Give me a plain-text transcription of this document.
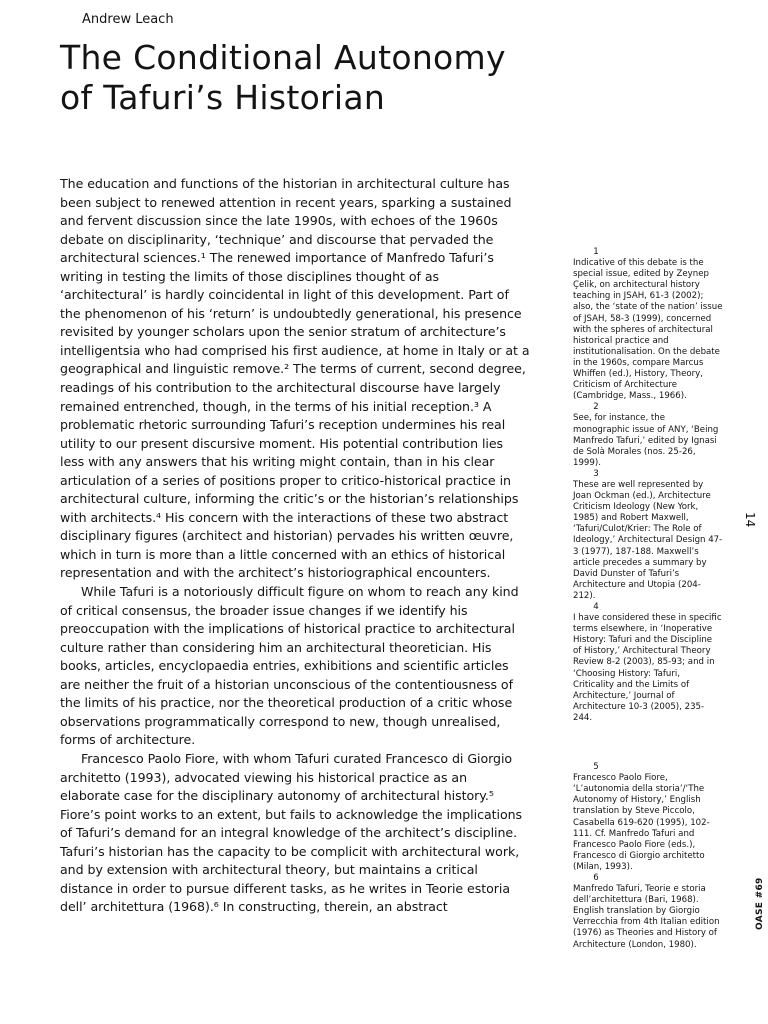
Andrew Leach
The Conditional Autonomy
of Tafuri’s Historian

The education and functions of the historian in architectural culture has been subject to renewed attention in recent years, sparking a sustained and fervent discussion since the late 1990s, with echoes of the 1960s debate on disciplinarity, ‘technique’ and discourse that pervaded the architectural sciences.¹ The renewed importance of Manfredo Tafuri’s writing in testing the limits of those disciplines thought of as ‘architectural’ is hardly coincidental in light of this development. Part of the phenomenon of his ‘return’ is undoubtedly generational, his presence revisited by younger scholars upon the senior stratum of architecture’s intelligentsia who had comprised his first audience, at home in Italy or at a geographical and linguistic remove.² The terms of current, second degree, readings of his contribution to the architectural discourse have largely remained entrenched, though, in the terms of his initial reception.³ A problematic rhetoric surrounding Tafuri’s reception undermines his real utility to our present discursive moment. His potential contribution lies less with any answers that his writing might contain, than in his clear articulation of a series of positions proper to critico-historical practice in architectural culture, informing the critic’s or the historian’s relationships with architects.⁴ His concern with the interactions of these two abstract disciplinary figures (architect and historian) pervades his written œuvre, which in turn is more than a little concerned with an ethics of historical representation and with the architect’s historiographical encounters.

While Tafuri is a notoriously difficult figure on whom to reach any kind of critical consensus, the broader issue changes if we identify his preoccupation with the implications of historical practice to architectural culture rather than considering him an architectural theoretician. His books, articles, encyclopaedia entries, exhibitions and scientific articles are neither the fruit of a historian unconscious of the contentiousness of the limits of his practice, nor the theoretical production of a critic whose observations programmatically correspond to new, though unrealised, forms of architecture.

Francesco Paolo Fiore, with whom Tafuri curated Francesco di Giorgio architetto (1993), advocated viewing his historical practice as an elaborate case for the disciplinary autonomy of architectural history.⁵ Fiore’s point works to an extent, but fails to acknowledge the implications of Tafuri’s demand for an integral knowledge of the architect’s discipline. Tafuri’s historian has the capacity to be complicit with architectural work, and by extension with architectural theory, but maintains a critical distance in order to pursue different tasks, as he writes in Teorie estoria dell’ architettura (1968).⁶ In constructing, therein, an abstract

1
Indicative of this debate is the special issue, edited by Zeynep Çelik, on architectural history teaching in JSAH, 61-3 (2002); also, the ‘state of the nation’ issue of JSAH, 58-3 (1999), concerned with the spheres of architectural historical practice and institutionalisation. On the debate in the 1960s, compare Marcus Whiffen (ed.), History, Theory, Criticism of Architecture (Cambridge, Mass., 1966).
2
See, for instance, the monographic issue of ANY, ‘Being Manfredo Tafuri,’ edited by Ignasi de Solà Morales (nos. 25-26, 1999).
3
These are well represented by Joan Ockman (ed.), Architecture Criticism Ideology (New York, 1985) and Robert Maxwell, ‘Tafuri/Culot/Krier: The Role of Ideology,’ Architectural Design 47-3 (1977), 187-188. Maxwell’s article precedes a summary by David Dunster of Tafuri’s Architecture and Utopia (204-212).
4
I have considered these in specific terms elsewhere, in ‘Inoperative History: Tafuri and the Discipline of History,’ Architectural Theory Review 8-2 (2003), 85-93; and in ‘Choosing History: Tafuri, Criticality and the Limits of Architecture,’ Journal of Architecture 10-3 (2005), 235-244.
5
Francesco Paolo Fiore, ‘L’autonomia della storia’/‘The Autonomy of History,’ English translation by Steve Piccolo, Casabella 619-620 (1995), 102-111. Cf. Manfredo Tafuri and Francesco Paolo Fiore (eds.), Francesco di Giorgio architetto (Milan, 1993).
6
Manfredo Tafuri, Teorie e storia dell’architettura (Bari, 1968). English translation by Giorgio Verrecchia from 4th Italian edition (1976) as Theories and History of Architecture (London, 1980).
14
OASE #69
